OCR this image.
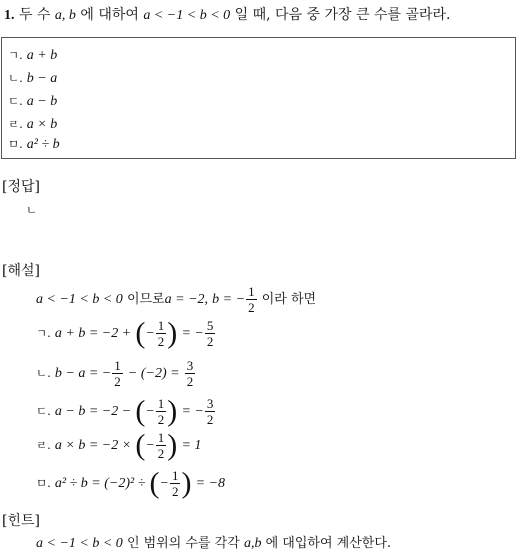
1. 두 수 a, b 에 대하여 a < −1 < b < 0 일 때, 다음 중 가장 큰 수를 골라라.
ㄱ. a + b
ㄴ. b − a
ㄷ. a − b
ㄹ. a × b
ㅁ. a² ÷ b
[정답]
ㄴ
[해설]
a < −1 < b < 0 이므로a = −2, b = − $\frac{1}{2}$ 이라 하면
ㄱ. a + b = −2 + (− $\frac{1}{2}$ ) = − $\frac{5}{2}$
ㄴ. b − a = − $\frac{1}{2} - (-2) = \frac{3}{2}$
ㄷ. a − b = −2 − (− $\frac{1}{2}$ ) = − $\frac{3}{2}$
ㄹ. a × b = −2 × (− $\frac{1}{2}$ ) = 1
ㅁ. a² ÷ b = (−2)² ÷ (− $\frac{1}{2}$ ) = −8
[힌트]
a < −1 < b < 0 인 범위의 수를 각각 a,b 에 대입하여 계산한다.
